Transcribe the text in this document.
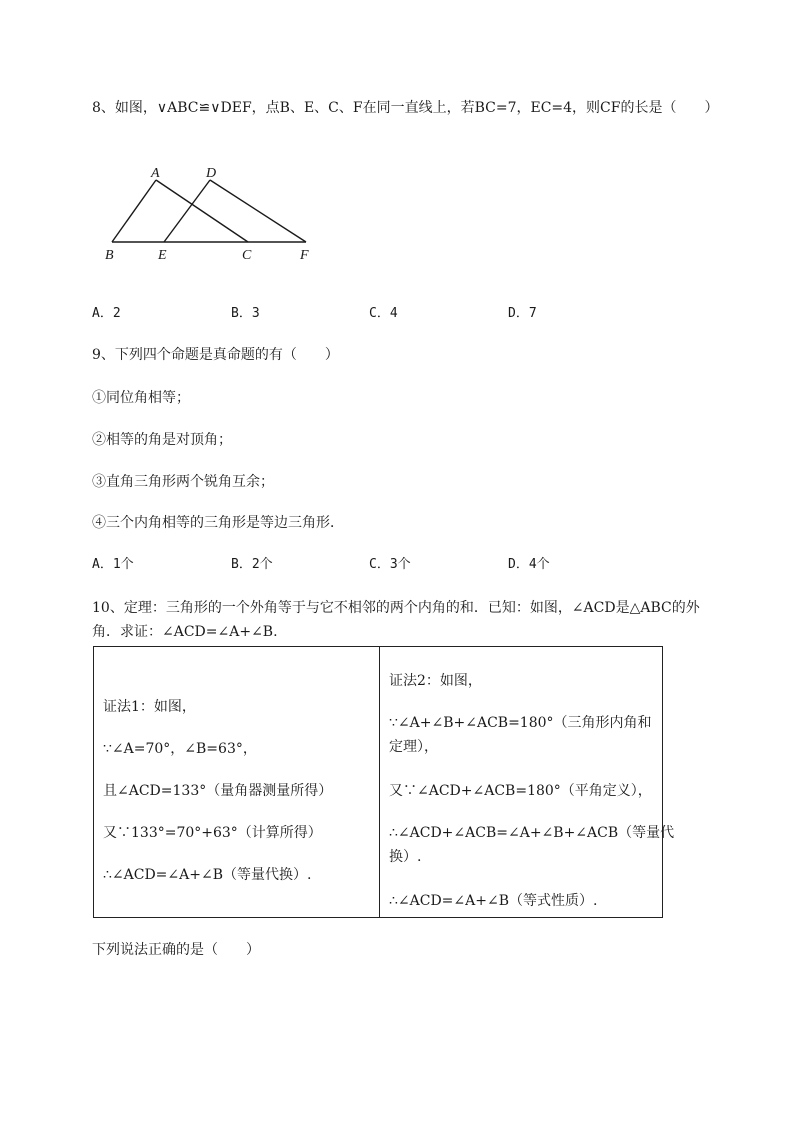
8、如图，∨ABC≌∨DEF，点B、E、C、F在同一直线上，若BC=7，EC=4，则CF的长是（　　）
A	D
B	E	C	F
A．2	B．3	C．4	D．7
9、下列四个命题是真命题的有（　　）
①同位角相等；
②相等的角是对顶角；
③直角三角形两个锐角互余；
④三个内角相等的三角形是等边三角形．
A．1个	B．2个	C．3个	D．4个
10、定理：三角形的一个外角等于与它不相邻的两个内角的和．已知：如图，∠ACD是△ABC的外
角．求证：∠ACD=∠A+∠B.
证法1：如图，
∵∠A=70°，∠B=63°，
且∠ACD=133°（量角器测量所得）
又∵133°=70°+63°（计算所得）
∴∠ACD=∠A+∠B（等量代换）.
证法2：如图，
∵∠A+∠B+∠ACB=180°（三角形内角和
定理），
又∵∠ACD+∠ACB=180°（平角定义），
∴∠ACD+∠ACB=∠A+∠B+∠ACB（等量代
换）.
∴∠ACD=∠A+∠B（等式性质）.
下列说法正确的是（　　）
